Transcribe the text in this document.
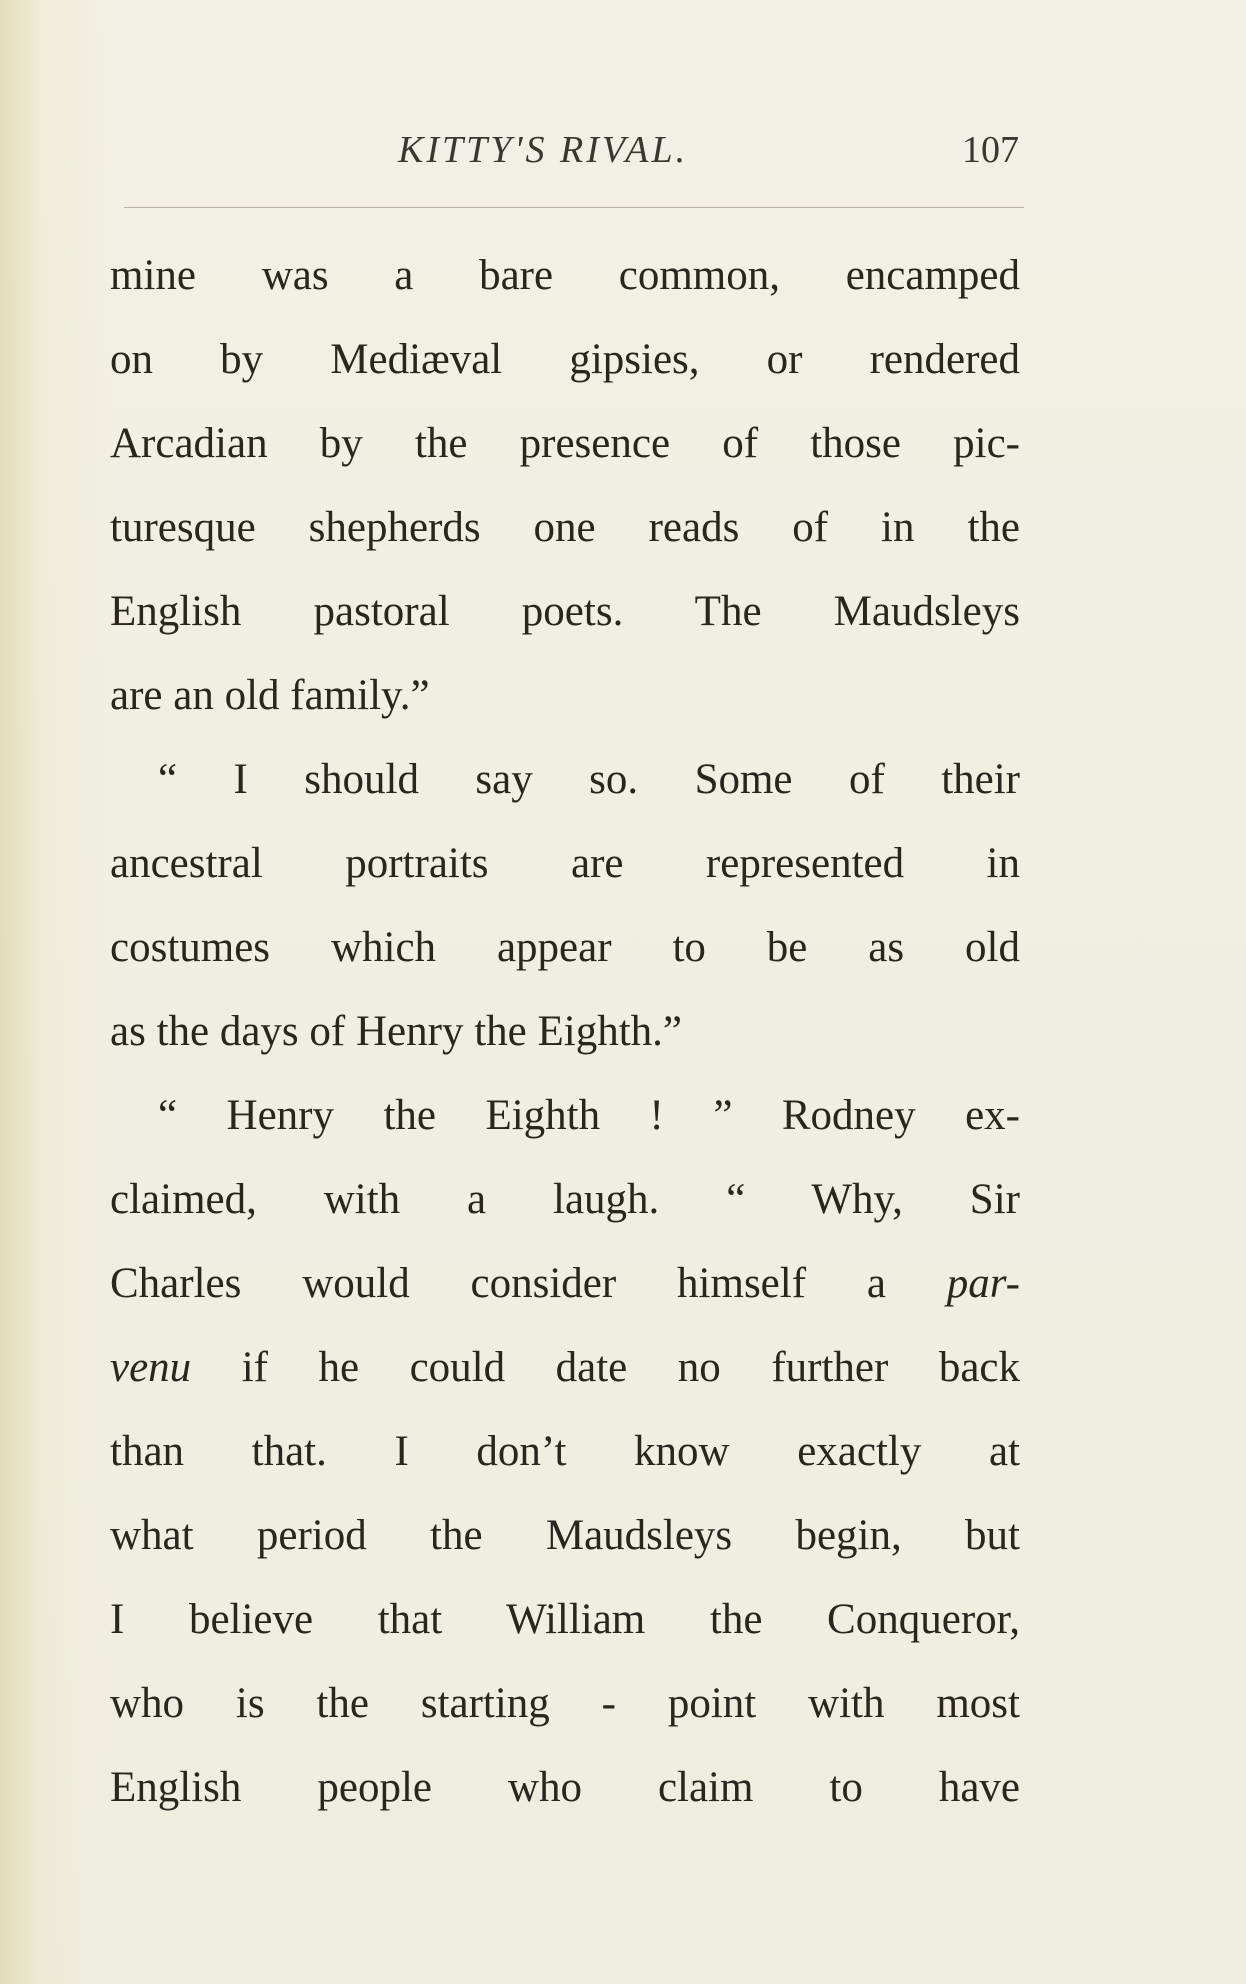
KITTY'S RIVAL.	107
mine was a bare common, encamped
on by Mediæval gipsies, or rendered
Arcadian by the presence of those pic-
turesque shepherds one reads of in the
English pastoral poets. The Maudsleys
are an old family.”
“ I should say so. Some of their
ancestral portraits are represented in
costumes which appear to be as old
as the days of Henry the Eighth.”
“ Henry the Eighth ! ” Rodney ex-
claimed, with a laugh. “ Why, Sir
Charles would consider himself a par-
venu if he could date no further back
than that. I don’t know exactly at
what period the Maudsleys begin, but
I believe that William the Conqueror,
who is the starting - point with most
English people who claim to have
